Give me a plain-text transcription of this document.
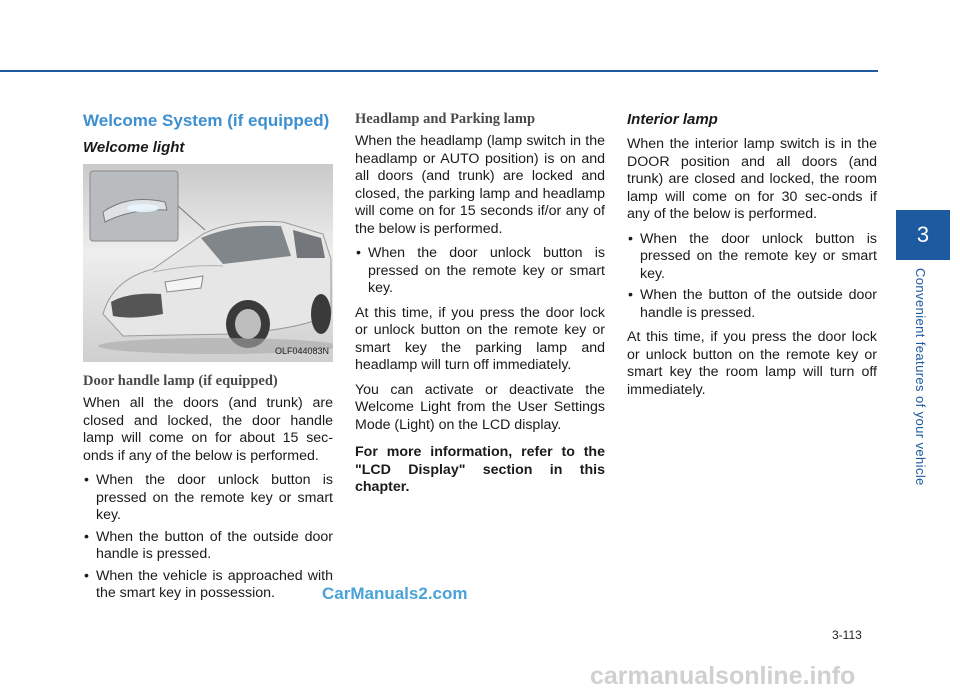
Welcome System (if equipped)
Welcome light
OLF044083N
Door handle lamp (if equipped)
When all the doors (and trunk) are closed and locked, the door handle lamp will come on for about 15 sec-onds if any of the below is performed.
• When the door unlock button is pressed on the remote key or smart key.
• When the button of the outside door handle is pressed.
• When the vehicle is approached with the smart key in possession.
Headlamp and Parking lamp
When the headlamp (lamp switch in the headlamp or AUTO position) is on and all doors (and trunk) are locked and closed, the parking lamp and headlamp will come on for 15 seconds if/or any of the below is performed.
• When the door unlock button is pressed on the remote key or smart key.
At this time, if you press the door lock or unlock button on the remote key or smart key the parking lamp and headlamp will turn off immediately.
You can activate or deactivate the Welcome Light from the User Settings Mode (Light) on the LCD display.
For more information, refer to the "LCD Display" section in this chapter.
Interior lamp
When the interior lamp switch is in the DOOR position and all doors (and trunk) are closed and locked, the room lamp will come on for 30 sec-onds if any of the below is performed.
• When the door unlock button is pressed on the remote key or smart key.
• When the button of the outside door handle is pressed.
At this time, if you press the door lock or unlock button on the remote key or smart key the room lamp will turn off immediately.
3
Convenient features of your vehicle
3-113
CarManuals2.com
carmanualsonline.info
